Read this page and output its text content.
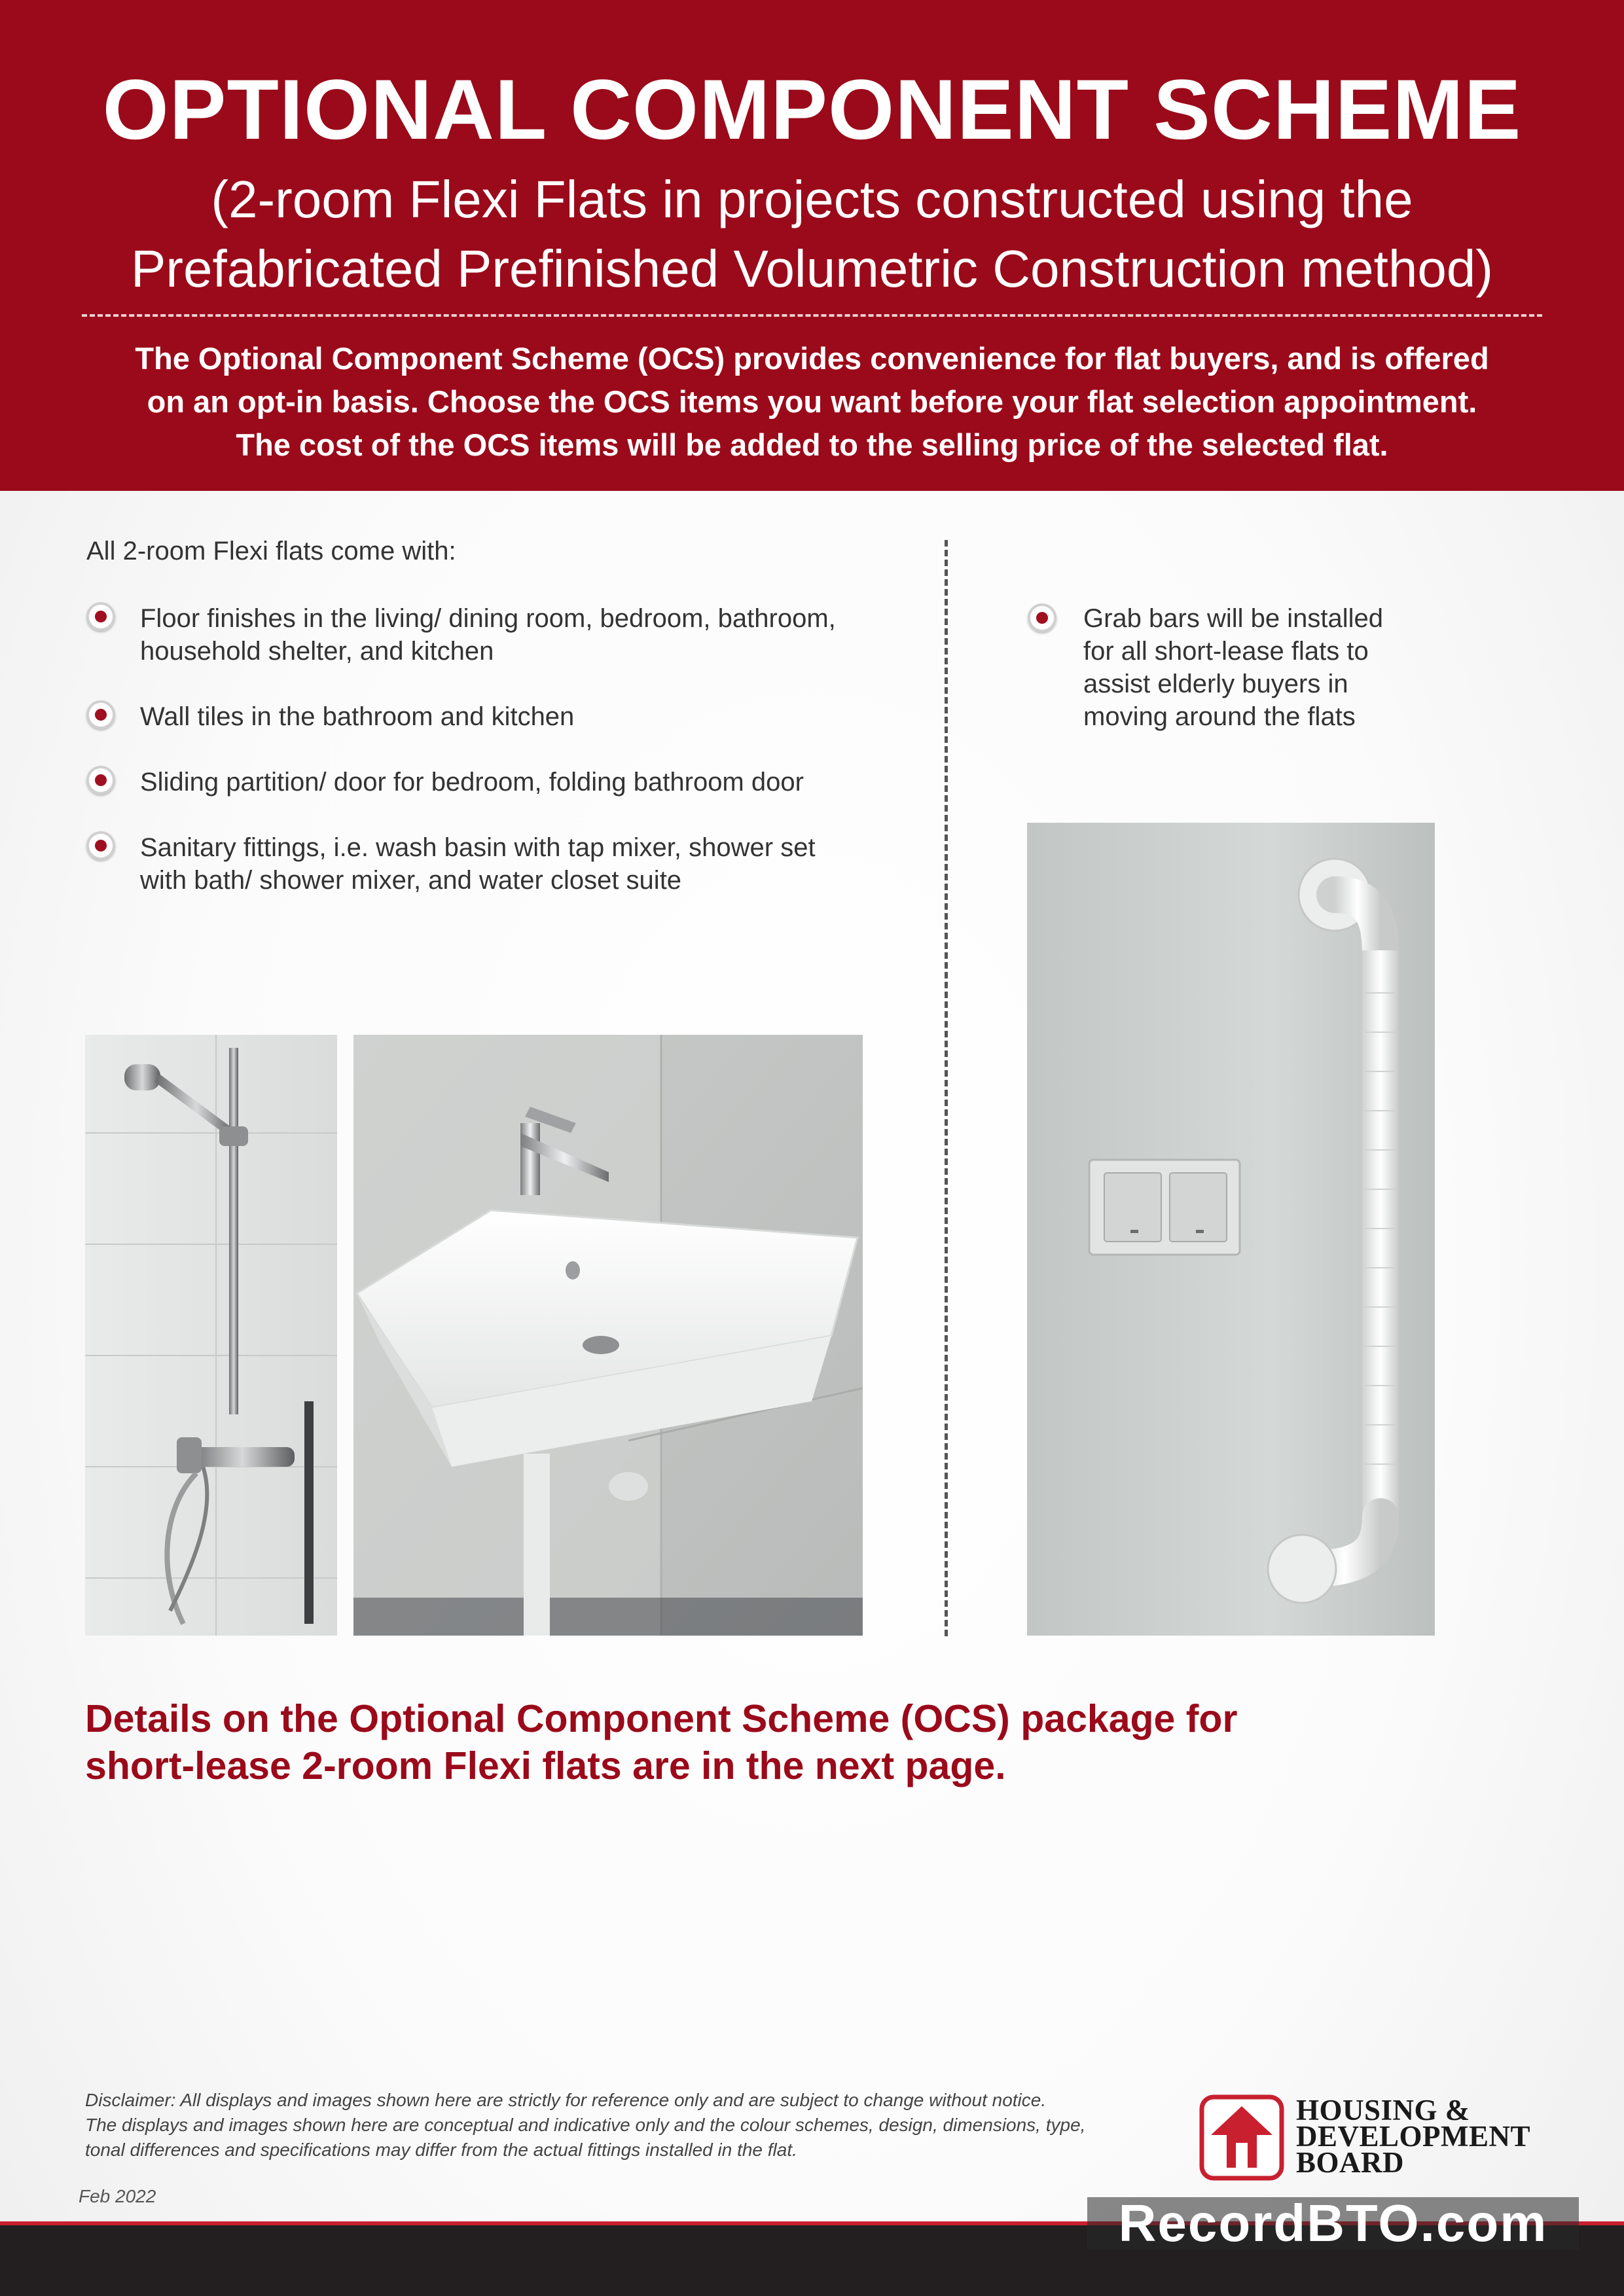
OPTIONAL COMPONENT SCHEME
(2-room Flexi Flats in projects constructed using the
Prefabricated Prefinished Volumetric Construction method)
The Optional Component Scheme (OCS) provides convenience for flat buyers, and is offered
on an opt-in basis. Choose the OCS items you want before your flat selection appointment.
The cost of the OCS items will be added to the selling price of the selected flat.
All 2-room Flexi flats come with:
Floor finishes in the living/ dining room, bedroom, bathroom,
household shelter, and kitchen
Wall tiles in the bathroom and kitchen
Sliding partition/ door for bedroom, folding bathroom door
Sanitary fittings, i.e. wash basin with tap mixer, shower set
with bath/ shower mixer, and water closet suite
Grab bars will be installed
for all short-lease flats to
assist elderly buyers in
moving around the flats
Details on the Optional Component Scheme (OCS) package for
short-lease 2-room Flexi flats are in the next page.
Disclaimer: All displays and images shown here are strictly for reference only and are subject to change without notice.
The displays and images shown here are conceptual and indicative only and the colour schemes, design, dimensions, type,
tonal differences and specifications may differ from the actual fittings installed in the flat.
Feb 2022
HOUSING &
DEVELOPMENT
BOARD
RecordBTO.com
